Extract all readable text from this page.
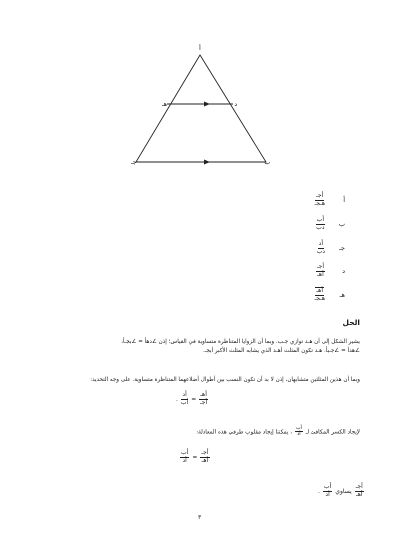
أ
هـ	د
جـ	ب
أ
$\frac{\text{أجـ}}{\text{هـجـ}}$
ب
$\frac{\text{أب}}{\text{دب}}$
جـ
$\frac{\text{أد}}{\text{دب}}$
د
$\frac{\text{أجـ}}{\text{أهـ}}$
هـ
$\frac{\text{أهـ}}{\text{هـجـ}}$
الحل
يشير الشكل إلى أن هـد توازي جـب. وبما أن الزوايا المتناظرة متساوية في القياس؛ إذن ∠دهأ = ∠بجـأ،
∠هدأ = ∠جـبأ. هـد تكون المثلث أهـد الذي يشابه المثلث الأكبر أبجـ.
وبما أن هذين المثلثين متشابهان، إذن لا بد أن تكون النسب بين أطوال أضلاعهما المتناظرة متساوية. على وجه التحديد:
. $\frac{\text{أد}}{\text{أب}} = \frac{\text{أهـ}}{\text{أجـ}}$
لإيجاد الكسر المكافئ لـ
$\frac{\text{أب}}{\text{أد}}$
، يمكننا إيجاد مقلوب طرفي هذه المعادلة:
$\frac{\text{أب}}{\text{أد}} = \frac{\text{أجـ}}{\text{أهـ}}$
. $\frac{\text{أب}}{\text{أد}}$ يساوي $\frac{\text{أجـ}}{\text{أهـ}}$
٣
